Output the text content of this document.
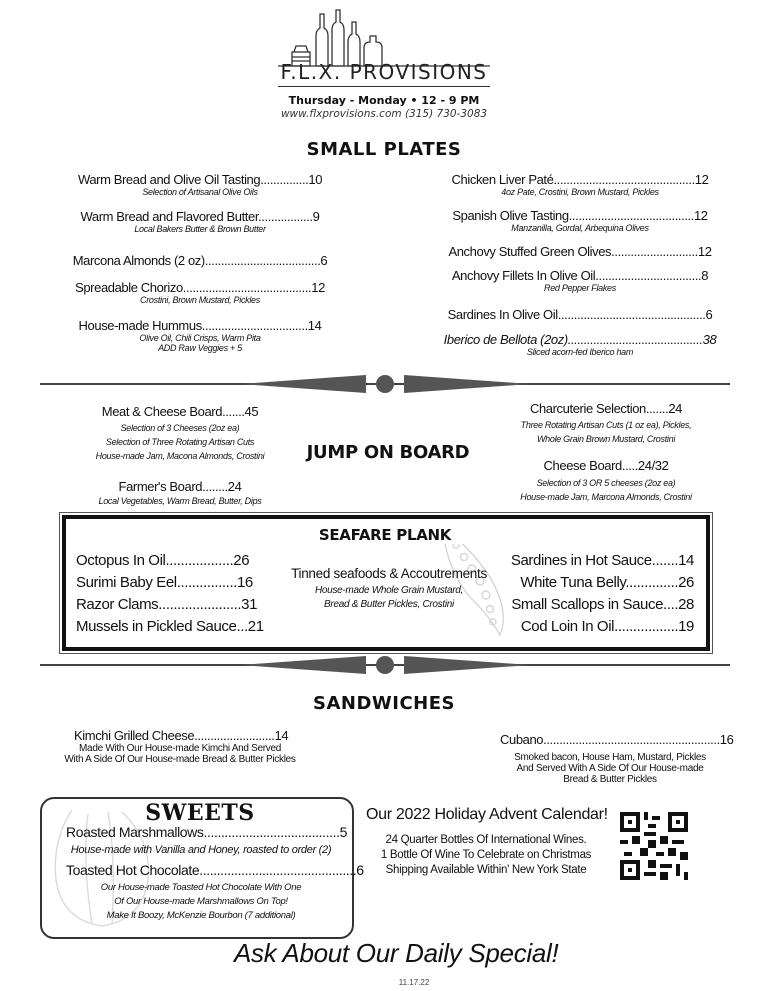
F.L.X. PROVISIONS
Thursday - Monday • 12 - 9 PM
www.flxprovisions.com (315) 730-3083
SMALL PLATES
Warm Bread and Olive Oil Tasting...............10
Selection of Artisanal Olive Oils
Warm Bread and Flavored Butter.................9
Local Bakers Butter & Brown Butter
Marcona Almonds (2 oz)....................................6
Spreadable Chorizo........................................12
Crostini, Brown Mustard, Pickles
House-made Hummus.................................14
Olive Oil, Chili Crisps, Warm Pita
ADD Raw Veggies + 5
Chicken Liver Paté............................................12
4oz Pate, Crostini, Brown Mustard, Pickles
Spanish Olive Tasting.......................................12
Manzanilla, Gordal, Arbequina Olives
Anchovy Stuffed Green Olives...........................12
Anchovy Fillets In Olive Oil.................................8
Red Pepper Flakes
Sardines In Olive Oil..............................................6
Iberico de Bellota (2oz)..........................................38
Sliced acorn-fed Iberico ham
JUMP ON BOARD
Meat & Cheese Board.......45
Selection of 3 Cheeses (2oz ea)
Selection of Three Rotating Artisan Cuts
House-made Jam, Macona Almonds, Crostini
Farmer's Board........24
Local Vegetables, Warm Bread, Butter, Dips
Charcuterie Selection.......24
Three Rotating Artisan Cuts (1 oz ea), Pickles,
Whole Grain Brown Mustard, Crostini
Cheese Board.....24/32
Selection of 3 OR 5 cheeses (2oz ea)
House-made Jam, Marcona Almonds, Crostini
SEAFARE PLANK
Octopus In Oil..................26
Surimi Baby Eel................16
Razor Clams......................31
Mussels in Pickled Sauce...21
Tinned seafoods & Accoutrements
House-made Whole Grain Mustard,
Bread & Butter Pickles, Crostini
Sardines in Hot Sauce.......14
White Tuna Belly..............26
Small Scallops in Sauce....28
Cod Loin In Oil.................19
SANDWICHES
Kimchi Grilled Cheese.........................14
Made With Our House-made Kimchi And Served
With A Side Of Our House-made Bread & Butter Pickles
Cubano.......................................................16
Smoked bacon, House Ham, Mustard, Pickles
And Served With A Side Of Our House-made
Bread & Butter Pickles
SWEETS
Roasted Marshmallows.......................................5
House-made with Vanilla and Honey, roasted to order (2)
Toasted Hot Chocolate.............................................6
Our House-made Toasted Hot Chocolate With One
Of Our House-made Marshmallows On Top!
Make It Boozy, McKenzie Bourbon (7 additional)
Our 2022 Holiday Advent Calendar!
24 Quarter Bottles Of International Wines.
1 Bottle Of Wine To Celebrate on Christmas
Shipping Available Within' New York State
Ask About Our Daily Special!
11.17.22
